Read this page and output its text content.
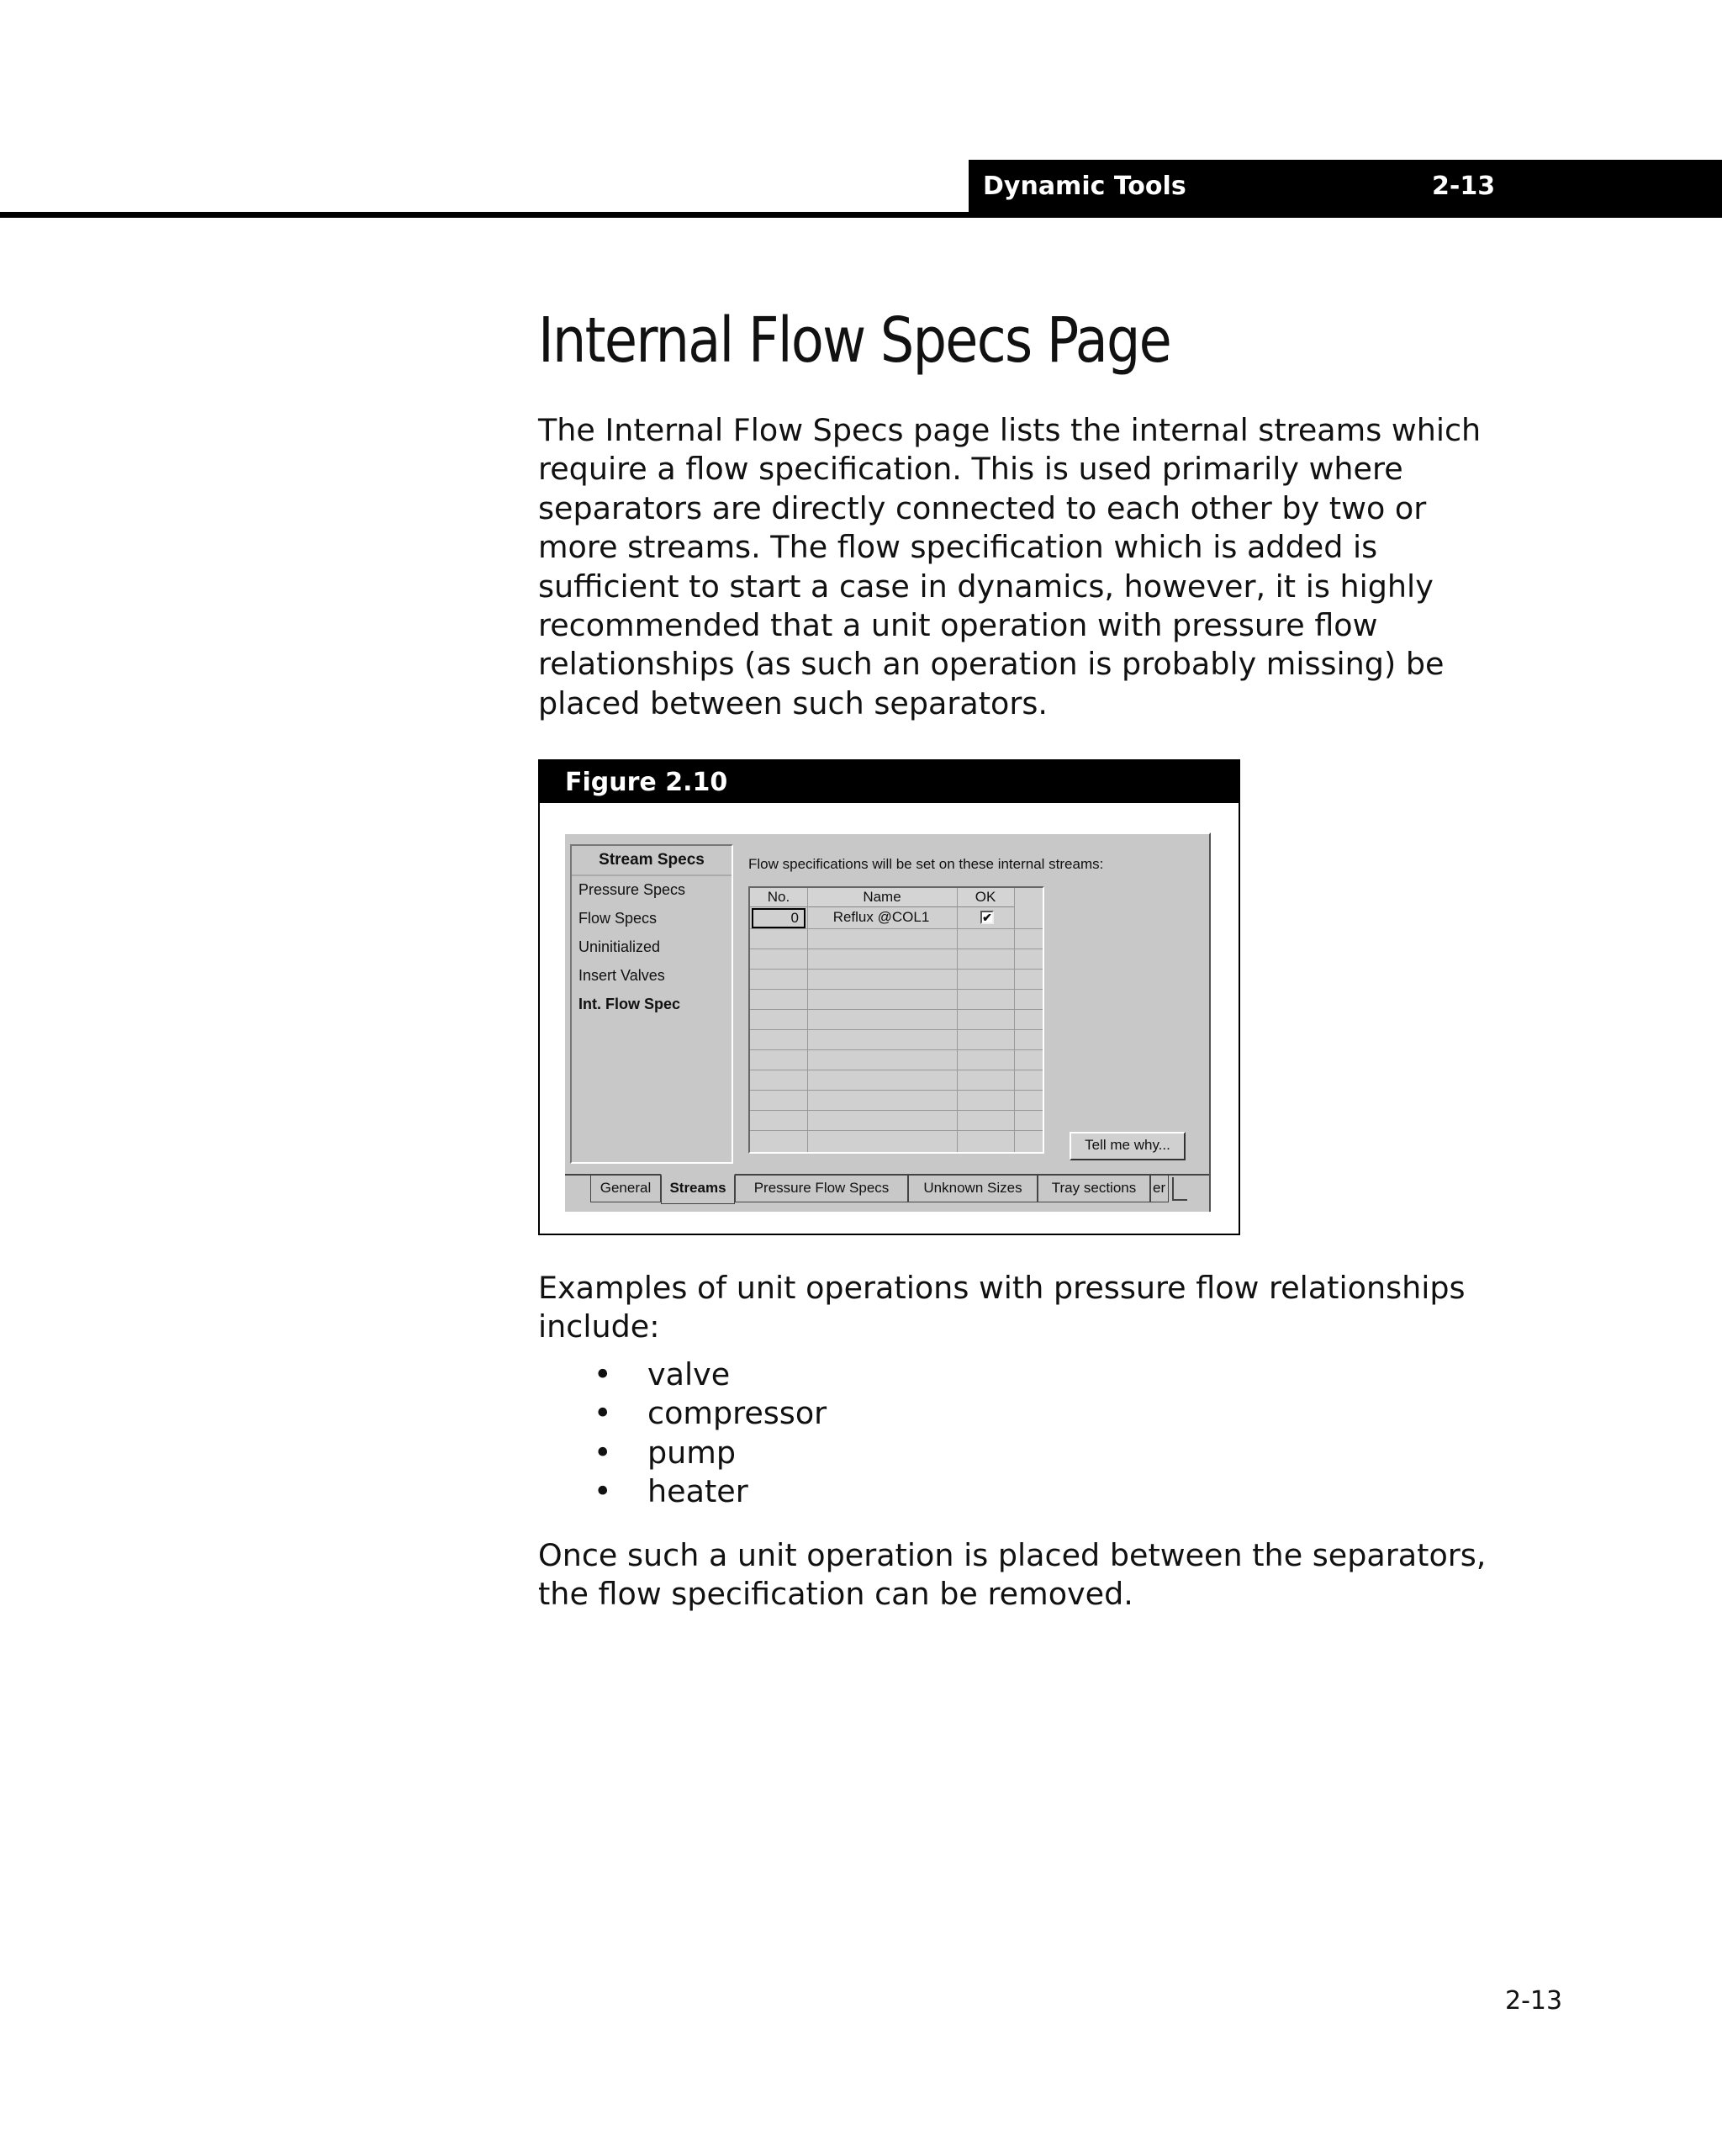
Dynamic Tools	2-13
Internal Flow Specs Page

The Internal Flow Specs page lists the internal streams which require a flow specification. This is used primarily where separators are directly connected to each other by two or more streams. The flow specification which is added is sufficient to start a case in dynamics, however, it is highly recommended that a unit operation with pressure flow relationships (as such an operation is probably missing) be placed between such separators.

Figure 2.10
Stream Specs
Pressure Specs
Flow Specs
Uninitialized
Insert Valves
Int. Flow Spec
Flow specifications will be set on these internal streams:
No.	Name	OK
0	Reflux @COL1	✔
Tell me why...
General	Streams	Pressure Flow Specs	Unknown Sizes	Tray sections	er

Examples of unit operations with pressure flow relationships include:

• valve
• compressor
• pump
• heater

Once such a unit operation is placed between the separators, the flow specification can be removed.

2-13
